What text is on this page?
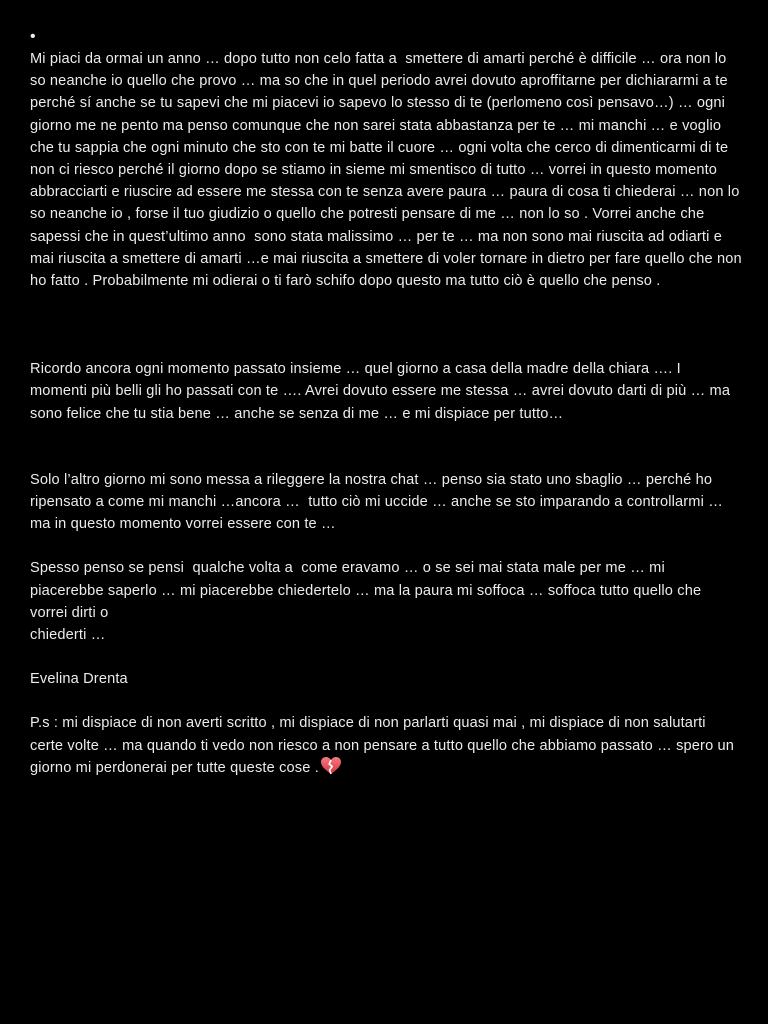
•

Mi piaci da ormai un anno … dopo tutto non celo fatta a  smettere di amarti perché è difficile … ora non lo so neanche io quello che provo … ma so che in quel periodo avrei dovuto aproffitarne per dichiararmi a te perché sí anche se tu sapevi che mi piacevi io sapevo lo stesso di te (perlomeno così pensavo…) … ogni giorno me ne pento ma penso comunque che non sarei stata abbastanza per te … mi manchi … e voglio che tu sappia che ogni minuto che sto con te mi batte il cuore … ogni volta che cerco di dimenticarmi di te  non ci riesco perché il giorno dopo se stiamo in sieme mi smentisco di tutto … vorrei in questo momento abbracciarti e riuscire ad essere me stessa con te senza avere paura … paura di cosa ti chiederai … non lo so neanche io , forse il tuo giudizio o quello che potresti pensare di me … non lo so . Vorrei anche che sapessi che in quest’ultimo anno  sono stata malissimo … per te … ma non sono mai riuscita ad odiarti e mai riuscita a smettere di amarti …e mai riuscita a smettere di voler tornare in dietro per fare quello che non ho fatto . Probabilmente mi odierai o ti farò schifo dopo questo ma tutto ciò è quello che penso .

Ricordo ancora ogni momento passato insieme … quel giorno a casa della madre della chiara …. I momenti più belli gli ho passati con te …. Avrei dovuto essere me stessa … avrei dovuto darti di più … ma sono felice che tu stia bene … anche se senza di me … e mi dispiace per tutto…

Solo l’altro giorno mi sono messa a rileggere la nostra chat … penso sia stato uno sbaglio … perché ho ripensato a come mi manchi …ancora …  tutto ciò mi uccide … anche se sto imparando a controllarmi … ma in questo momento vorrei essere con te …

Spesso penso se pensi  qualche volta a  come eravamo … o se sei mai stata male per me … mi piacerebbe saperlo … mi piacerebbe chiedertelo … ma la paura mi soffoca … soffoca tutto quello che vorrei dirti o
chiederti …

Evelina Drenta

P.s : mi dispiace di non averti scritto , mi dispiace di non parlarti quasi mai , mi dispiace di non salutarti certe volte … ma quando ti vedo non riesco a non pensare a tutto quello che abbiamo passato … spero un giorno mi perdonerai per tutte queste cose .
